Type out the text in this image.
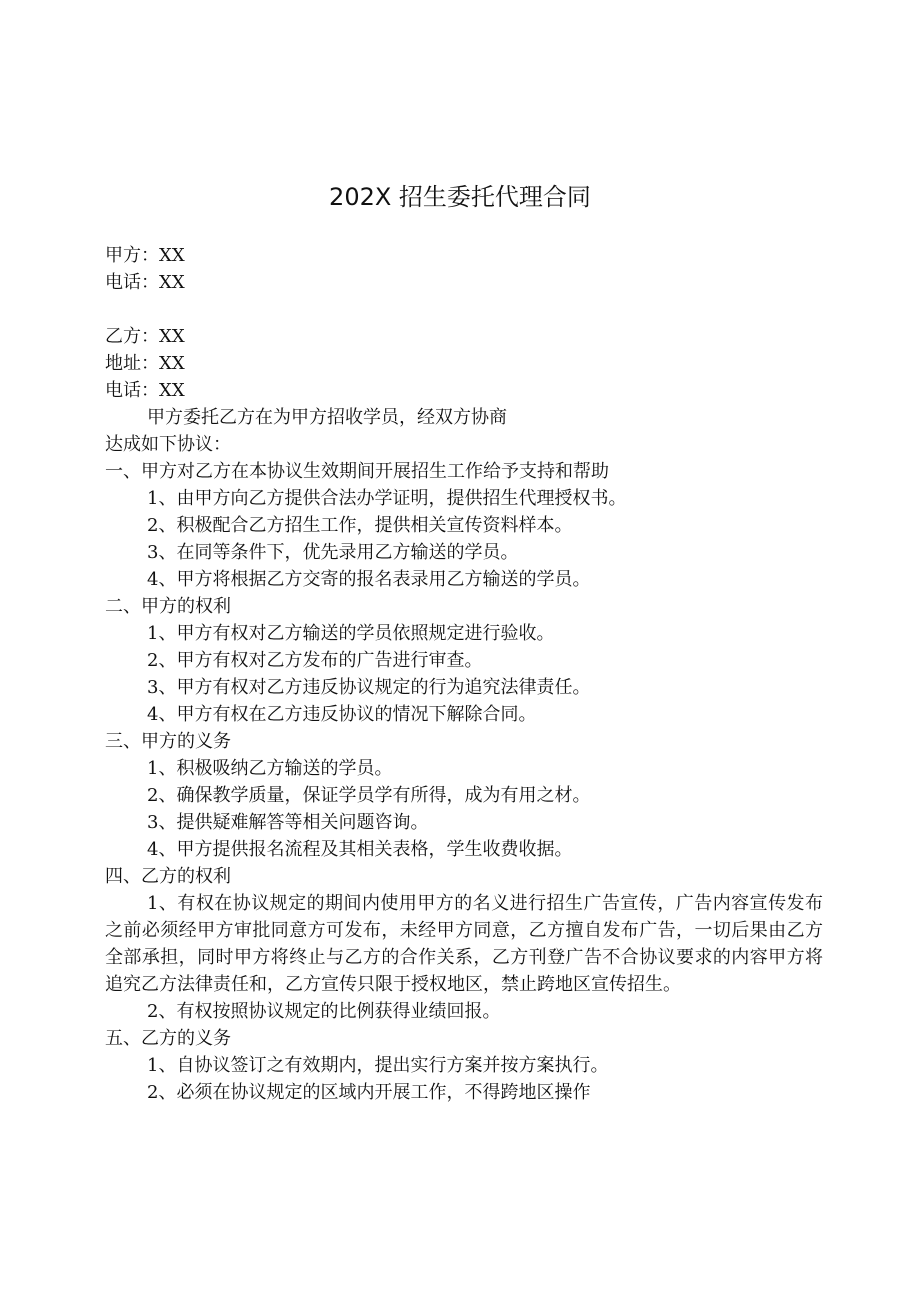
202X 招生委托代理合同
甲方：XX
电话：XX
乙方：XX
地址：XX
电话：XX
甲方委托乙方在为甲方招收学员，经双方协商
达成如下协议：
一、甲方对乙方在本协议生效期间开展招生工作给予支持和帮助
1、由甲方向乙方提供合法办学证明，提供招生代理授权书。
2、积极配合乙方招生工作，提供相关宣传资料样本。
3、在同等条件下，优先录用乙方输送的学员。
4、甲方将根据乙方交寄的报名表录用乙方输送的学员。
二、甲方的权利
1、甲方有权对乙方输送的学员依照规定进行验收。
2、甲方有权对乙方发布的广告进行审查。
3、甲方有权对乙方违反协议规定的行为追究法律责任。
4、甲方有权在乙方违反协议的情况下解除合同。
三、甲方的义务
1、积极吸纳乙方输送的学员。
2、确保教学质量，保证学员学有所得，成为有用之材。
3、提供疑难解答等相关问题咨询。
4、甲方提供报名流程及其相关表格，学生收费收据。
四、乙方的权利
1、有权在协议规定的期间内使用甲方的名义进行招生广告宣传，广告内容宣传发布之前必须经甲方审批同意方可发布，未经甲方同意，乙方擅自发布广告，一切后果由乙方全部承担，同时甲方将终止与乙方的合作关系，乙方刊登广告不合协议要求的内容甲方将追究乙方法律责任和，乙方宣传只限于授权地区，禁止跨地区宣传招生。
2、有权按照协议规定的比例获得业绩回报。
五、乙方的义务
1、自协议签订之有效期内，提出实行方案并按方案执行。
2、必须在协议规定的区域内开展工作，不得跨地区操作
